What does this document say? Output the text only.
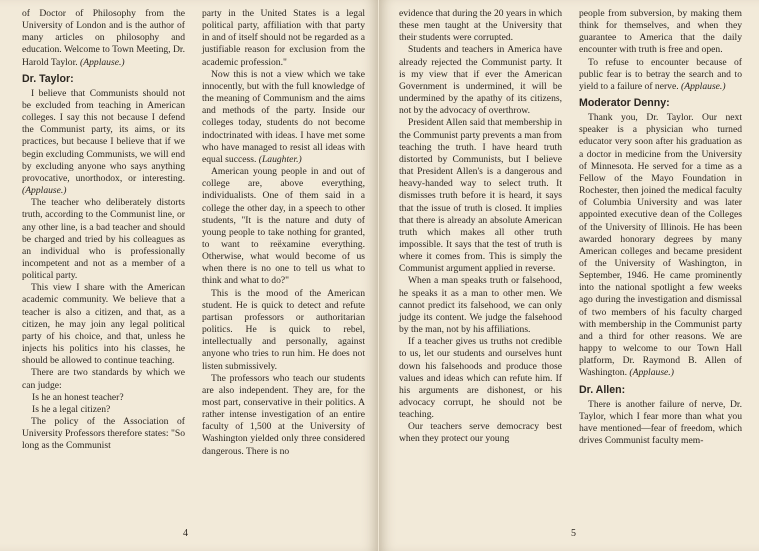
of Doctor of Philosophy from the University of London and is the author of many articles on philosophy and education. Welcome to Town Meeting, Dr. Harold Taylor. (Applause.)

Dr. Taylor:

I believe that Communists should not be excluded from teaching in American colleges. I say this not because I defend the Communist party, its aims, or its practices, but because I believe that if we begin excluding Communists, we will end by excluding anyone who says anything provocative, unorthodox, or interesting. (Applause.)

The teacher who deliberately distorts truth, according to the Communist line, or any other line, is a bad teacher and should be charged and tried by his colleagues as an individual who is professionally incompetent and not as a member of a political party.

This view I share with the American academic community. We believe that a teacher is also a citizen, and that, as a citizen, he may join any legal political party of his choice, and that, unless he injects his politics into his classes, he should be allowed to continue teaching.

There are two standards by which we can judge:

Is he an honest teacher?

Is he a legal citizen?

The policy of the Association of University Professors therefore states: "So long as the Communist

party in the United States is a legal political party, affiliation with that party in and of itself should not be regarded as a justifiable reason for exclusion from the academic profession."

Now this is not a view which we take innocently, but with the full knowledge of the meaning of Communism and the aims and methods of the party. Inside our colleges today, students do not become indoctrinated with ideas. I have met some who have managed to resist all ideas with equal success. (Laughter.)

American young people in and out of college are, above everything, individualists. One of them said in a college the other day, in a speech to other students, "It is the nature and duty of young people to take nothing for granted, to want to reëxamine everything. Otherwise, what would become of us when there is no one to tell us what to think and what to do?"

This is the mood of the American student. He is quick to detect and refute partisan professors or authoritarian politics. He is quick to rebel, intellectually and personally, against anyone who tries to run him. He does not listen submissively.

The professors who teach our students are also independent. They are, for the most part, conservative in their politics. A rather intense investigation of an entire faculty of 1,500 at the University of Washington yielded only three considered dangerous. There is no

4

evidence that during the 20 years in which these men taught at the University that their students were corrupted.

Students and teachers in America have already rejected the Communist party. It is my view that if ever the American Government is undermined, it will be undermined by the apathy of its citizens, not by the advocacy of overthrow.

President Allen said that membership in the Communist party prevents a man from teaching the truth. I have heard truth distorted by Communists, but I believe that President Allen's is a dangerous and heavy-handed way to select truth. It dismisses truth before it is heard, it says that the issue of truth is closed. It implies that there is already an absolute American truth which makes all other truth impossible. It says that the test of truth is where it comes from. This is simply the Communist argument applied in reverse.

When a man speaks truth or falsehood, he speaks it as a man to other men. We cannot predict its falsehood, we can only judge its content. We judge the falsehood by the man, not by his affiliations.

If a teacher gives us truths not credible to us, let our students and ourselves hunt down his falsehoods and produce those values and ideas which can refute him. If his arguments are dishonest, or his advocacy corrupt, he should not be teaching.

Our teachers serve democracy best when they protect our young

people from subversion, by making them think for themselves, and when they guarantee to America that the daily encounter with truth is free and open.

To refuse to encounter because of public fear is to betray the search and to yield to a failure of nerve. (Applause.)

Moderator Denny:

Thank you, Dr. Taylor. Our next speaker is a physician who turned educator very soon after his graduation as a doctor in medicine from the University of Minnesota. He served for a time as a Fellow of the Mayo Foundation in Rochester, then joined the medical faculty of Columbia University and was later appointed executive dean of the Colleges of the University of Illinois. He has been awarded honorary degrees by many American colleges and became president of the University of Washington, in September, 1946. He came prominently into the national spotlight a few weeks ago during the investigation and dismissal of two members of his faculty charged with membership in the Communist party and a third for other reasons. We are happy to welcome to our Town Hall platform, Dr. Raymond B. Allen of Washington. (Applause.)

Dr. Allen:

There is another failure of nerve, Dr. Taylor, which I fear more than what you have mentioned—fear of freedom, which drives Communist faculty mem-

5
